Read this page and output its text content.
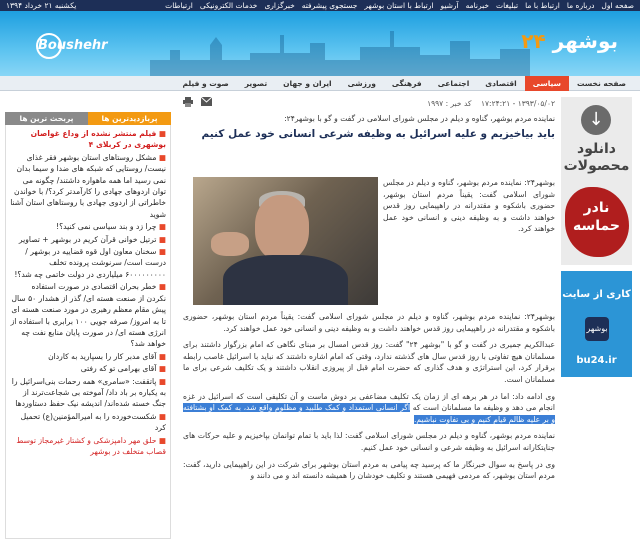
یکشنبه ۲۱ خرداد ۱۳۹۴	صفحه اول
درباره ما
ارتباط با ما
تبلیغات
خبرنامه
آرشیو
ارتباط با استان بوشهر
جستجوی پیشرفته
خبرگزاری
خدمات الکترونیکی
ارتباطات
Boushehr	بوشهر ۲۴
صفحه نخست
سیاسی
اقتصادی
اجتماعی
فرهنگی
ورزشی
ایران و جهان
تصویر
صوت و فیلم
پربحث ترین ها	پربازدیدترین ها
■ فیلم منتشر نشده از وداع غواصان بوشهری در کربلای ۴
■ مشکل روستاهای استان بوشهر فقر غذای نیست/ روستایی که شبکه های ضدا و سیما بدان نمی رسید اما همه ماهواره داشتند/ چگونه می توان اردوهای جهادی را کارآمدتر کرد؟/ با خواندن خاطراتی از اردوی جهادی با روستاهای استان آشنا شوید
■ چرا زد و بند سیاسی نمی کنید؟!
■ ترتیل خوانی قرآن کریم در بوشهر + تصاویر
■ سخنان معاون اول قوه قضاییه در بوشهر /درست است/ سرنوشت پرونده تخلف ۶۰۰۰۰۰۰۰۰۰ میلیاردی در دولت خاتمی چه شد؟!
■ خطر بحران اقتصادی در صورت استفاده نکردن از صنعت هسته ای/ گذر از هشدار ۵۰ سال پیش مقام معظم رهبری در مورد صنعت هسته ای تا به امروز/ صرفه جویی ۱۰۰ برابری با استفاده از انرژی هسته ای/ در صورت پایان منابع نفت چه خواهد شد؟
■ آقای مدبر کار را بسپارید به کاردان
■ آقای بهرامی تو که رفتی
■ پاتقفت: «سامری» همه رحمات بنی‌اسرائیل را به یکباره بر باد داد/ آموخته بی شجاعت‌ترند از جنگ خسته شده‌اند/ اندیشه نیک حفظ دستاوردها
■ شکست‌خورده را به امیرالمؤمنین(ع) تحمیل کرد
■ حلق مهر دامپزشکی و کشتار غیرمجاز توسط قصاب متخلف در بوشهر
۱۳۹۳/۰۵/۰۲ - ۱۷:۲۴:۲۱    کد خبر : ۱۹۹۷
نماینده مردم بوشهر، گناوه و دیلم در مجلس شورای اسلامی در گفت و گو با بوشهر۲۴:
باید بیاخیزیم و علیه اسرائیل به وظیفه شرعی انسانی خود عمل کنیم
بوشهر۲۴: نماینده مردم بوشهر، گناوه و دیلم در مجلس شورای اسلامی گفت: یقیناً مردم استان بوشهر، حضوری باشکوه و مقتدرانه در راهپیمایی روز قدس خواهند داشت و به وظیفه دینی و انسانی خود عمل خواهند کرد.

بوشهر۲۴: نماینده مردم بوشهر، گناوه و دیلم در مجلس شورای اسلامی گفت: یقیناً مردم استان بوشهر، حضوری باشکوه و مقتدرانه در راهپیمایی روز قدس خواهند داشت و به وظیفه دینی و انسانی خود عمل خواهند کرد.

عبدالکریم جمیری در گفت و گو با "بوشهر ۲۴" گفت: روز قدس امسال بر مبنای نگاهی که امام بزرگوار داشتند برای مسلمانان هیچ تفاوتی با روز قدس سال های گذشته ندارد، وقتی که امام اشاره داشتند که نباید با اسرائیل غاصب رابطه برقرار کرد، این استراتژی و هدف گذاری که حضرت امام قبل از پیروزی انقلاب داشتند و یک تکلیف شرعی برای ما مسلمانان است.

وی ادامه داد: اما در هر برهه ای از زمان یک تکلیف مضاعفی بر دوش ماست و آن تکلیفی است که اسرائیل در غزه انجام می دهد و وظیفه ما مسلمانان است که اگر انسانی استمداد و کمک طلبید و مظلوم واقع شد، به کمک او بشتافته و بر علیه ظالم قیام کنیم و بی تفاوت نباشیم.

نماینده مردم بوشهر، گناوه و دیلم در مجلس شورای اسلامی گفت: لذا باید با تمام توانمان بپاخیزیم و علیه حرکات های جنایتکارانه اسرائیل به وظیفه شرعی و انسانی خود عمل کنیم.

وی در پاسخ به سوال خبرنگار ما که پرسید چه پیامی به مردم استان بوشهر برای شرکت در این راهپیمایی دارید، گفت: مردم استان بوشهر، که مردمی فهیمی هستند و تکلیف خودشان را همیشه دانسته اند و می دانند و

↓
دانلود
محصولات
نادر
حماسه
کاری از سایت
بوشهر
bu24.ir
